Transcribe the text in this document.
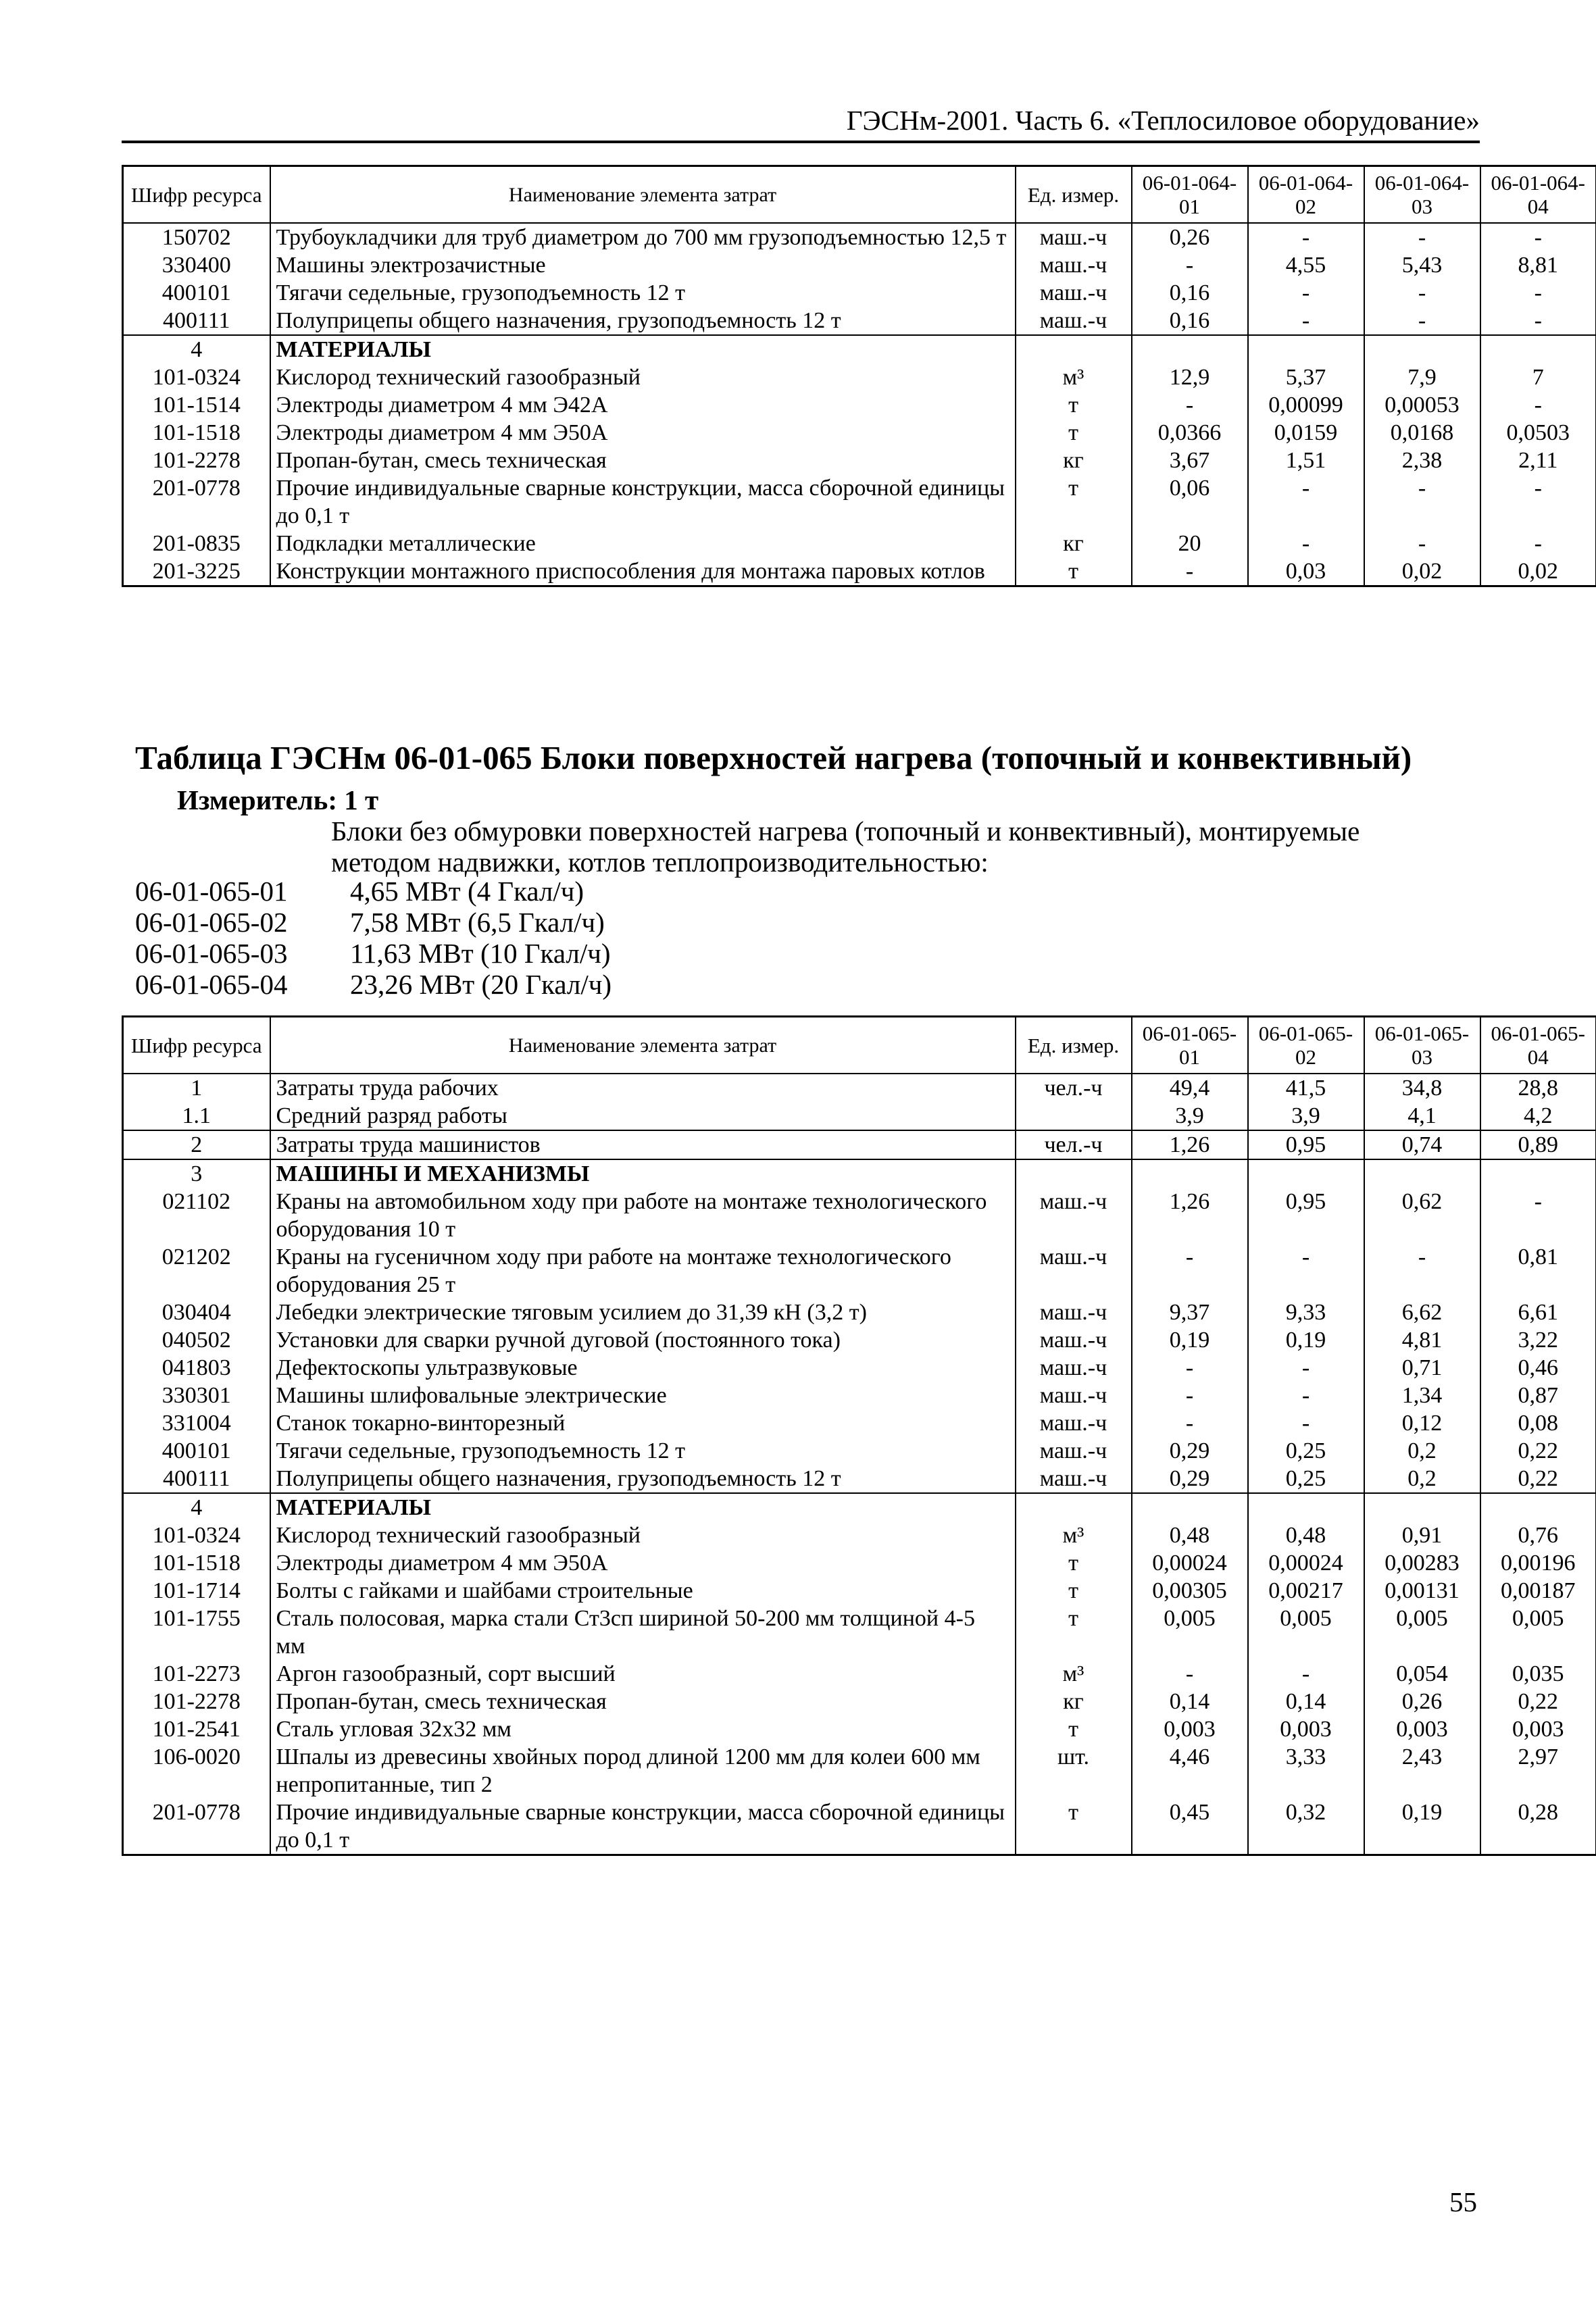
ГЭСНм-2001. Часть 6. «Теплосиловое оборудование»
Шифр ресурса	Наименование элемента затрат	Ед. измер.	06-01-064-01	06-01-064-02	06-01-064-03	06-01-064-04
150702	Трубоукладчики для труб диаметром до 700 мм грузоподъемностью 12,5 т	маш.-ч	0,26	-	-	-
330400	Машины электрозачистные	маш.-ч	-	4,55	5,43	8,81
400101	Тягачи седельные, грузоподъемность 12 т	маш.-ч	0,16	-	-	-
400111	Полуприцепы общего назначения, грузоподъемность 12 т	маш.-ч	0,16	-	-	-
4	МАТЕРИАЛЫ					
101-0324	Кислород технический газообразный	м³	12,9	5,37	7,9	7
101-1514	Электроды диаметром 4 мм Э42А	т	-	0,00099	0,00053	-
101-1518	Электроды диаметром 4 мм Э50А	т	0,0366	0,0159	0,0168	0,0503
101-2278	Пропан-бутан, смесь техническая	кг	3,67	1,51	2,38	2,11
201-0778	Прочие индивидуальные сварные конструкции, масса сборочной единицы до 0,1 т	т	0,06	-	-	-
201-0835	Подкладки металлические	кг	20	-	-	-
201-3225	Конструкции монтажного приспособления для монтажа паровых котлов	т	-	0,03	0,02	0,02
Таблица ГЭСНм 06-01-065 Блоки поверхностей нагрева (топочный и конвективный)
Измеритель: 1 т
Блоки без обмуровки поверхностей нагрева (топочный и конвективный), монтируемые методом надвижки, котлов теплопроизводительностью:
06-01-065-01	4,65 МВт (4 Гкал/ч)
06-01-065-02	7,58 МВт (6,5 Гкал/ч)
06-01-065-03	11,63 МВт (10 Гкал/ч)
06-01-065-04	23,26 МВт (20 Гкал/ч)
Шифр ресурса	Наименование элемента затрат	Ед. измер.	06-01-065-01	06-01-065-02	06-01-065-03	06-01-065-04
1	Затраты труда рабочих	чел.-ч	49,4	41,5	34,8	28,8
1.1	Средний разряд работы		3,9	3,9	4,1	4,2
2	Затраты труда машинистов	чел.-ч	1,26	0,95	0,74	0,89
3	МАШИНЫ И МЕХАНИЗМЫ					
021102	Краны на автомобильном ходу при работе на монтаже технологического оборудования 10 т	маш.-ч	1,26	0,95	0,62	-
021202	Краны на гусеничном ходу при работе на монтаже технологического оборудования 25 т	маш.-ч	-	-	-	0,81
030404	Лебедки электрические тяговым усилием до 31,39 кН (3,2 т)	маш.-ч	9,37	9,33	6,62	6,61
040502	Установки для сварки ручной дуговой (постоянного тока)	маш.-ч	0,19	0,19	4,81	3,22
041803	Дефектоскопы ультразвуковые	маш.-ч	-	-	0,71	0,46
330301	Машины шлифовальные электрические	маш.-ч	-	-	1,34	0,87
331004	Станок токарно-винторезный	маш.-ч	-	-	0,12	0,08
400101	Тягачи седельные, грузоподъемность 12 т	маш.-ч	0,29	0,25	0,2	0,22
400111	Полуприцепы общего назначения, грузоподъемность 12 т	маш.-ч	0,29	0,25	0,2	0,22
4	МАТЕРИАЛЫ					
101-0324	Кислород технический газообразный	м³	0,48	0,48	0,91	0,76
101-1518	Электроды диаметром 4 мм Э50А	т	0,00024	0,00024	0,00283	0,00196
101-1714	Болты с гайками и шайбами строительные	т	0,00305	0,00217	0,00131	0,00187
101-1755	Сталь полосовая, марка стали Ст3сп шириной 50-200 мм толщиной 4-5 мм	т	0,005	0,005	0,005	0,005
101-2273	Аргон газообразный, сорт высший	м³	-	-	0,054	0,035
101-2278	Пропан-бутан, смесь техническая	кг	0,14	0,14	0,26	0,22
101-2541	Сталь угловая 32х32 мм	т	0,003	0,003	0,003	0,003
106-0020	Шпалы из древесины хвойных пород длиной 1200 мм для колеи 600 мм непропитанные, тип 2	шт.	4,46	3,33	2,43	2,97
201-0778	Прочие индивидуальные сварные конструкции, масса сборочной единицы до 0,1 т	т	0,45	0,32	0,19	0,28
55
